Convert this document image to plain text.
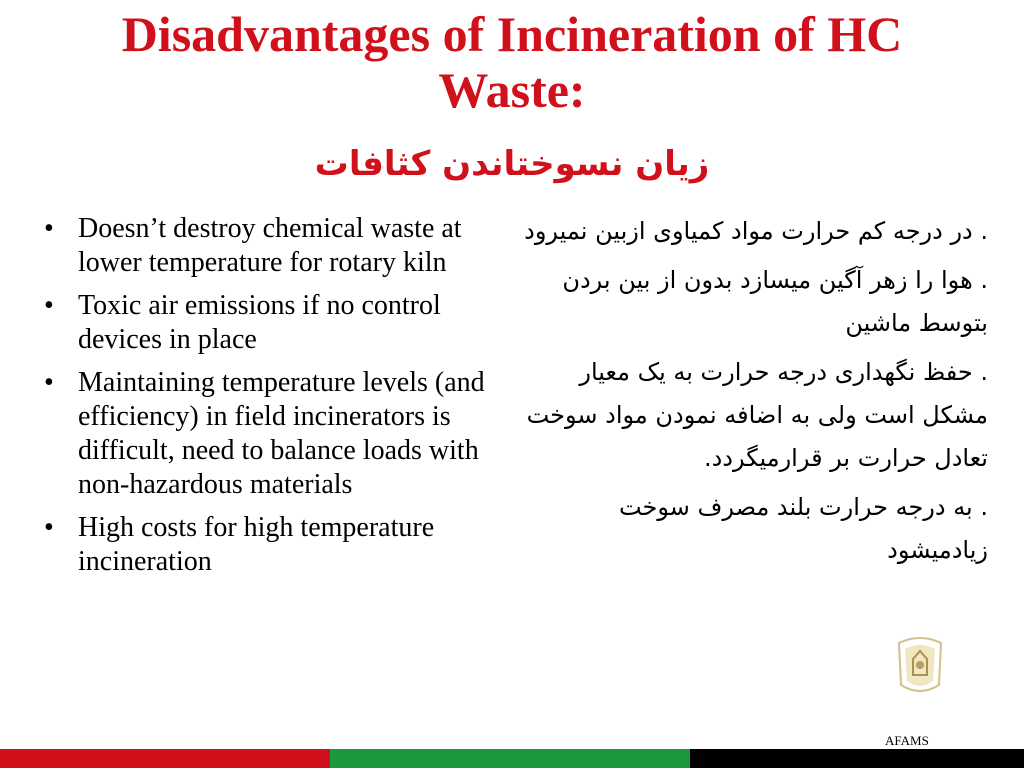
Disadvantages of Incineration of HC
Waste:
زیان نسوختاندن کثافات
• Doesn’t destroy chemical waste at lower temperature for rotary kiln
• Toxic air emissions if no control devices in place
• Maintaining temperature levels (and efficiency) in field incinerators is difficult, need to balance loads with non-hazardous materials
• High costs for high temperature incineration
. در درجه کم حرارت مواد کمیاوی ازبین نمیرود
. هوا را زهر آگین میسازد بدون از بین بردن بتوسط ماشین
. حفظ نگهداری درجه حرارت به یک معیار مشکل است ولی به اضافه نمودن مواد سوخت تعادل حرارت بر قرارمیگردد.
. به درجه حرارت بلند مصرف سوخت زیادمیشود
AFAMS
